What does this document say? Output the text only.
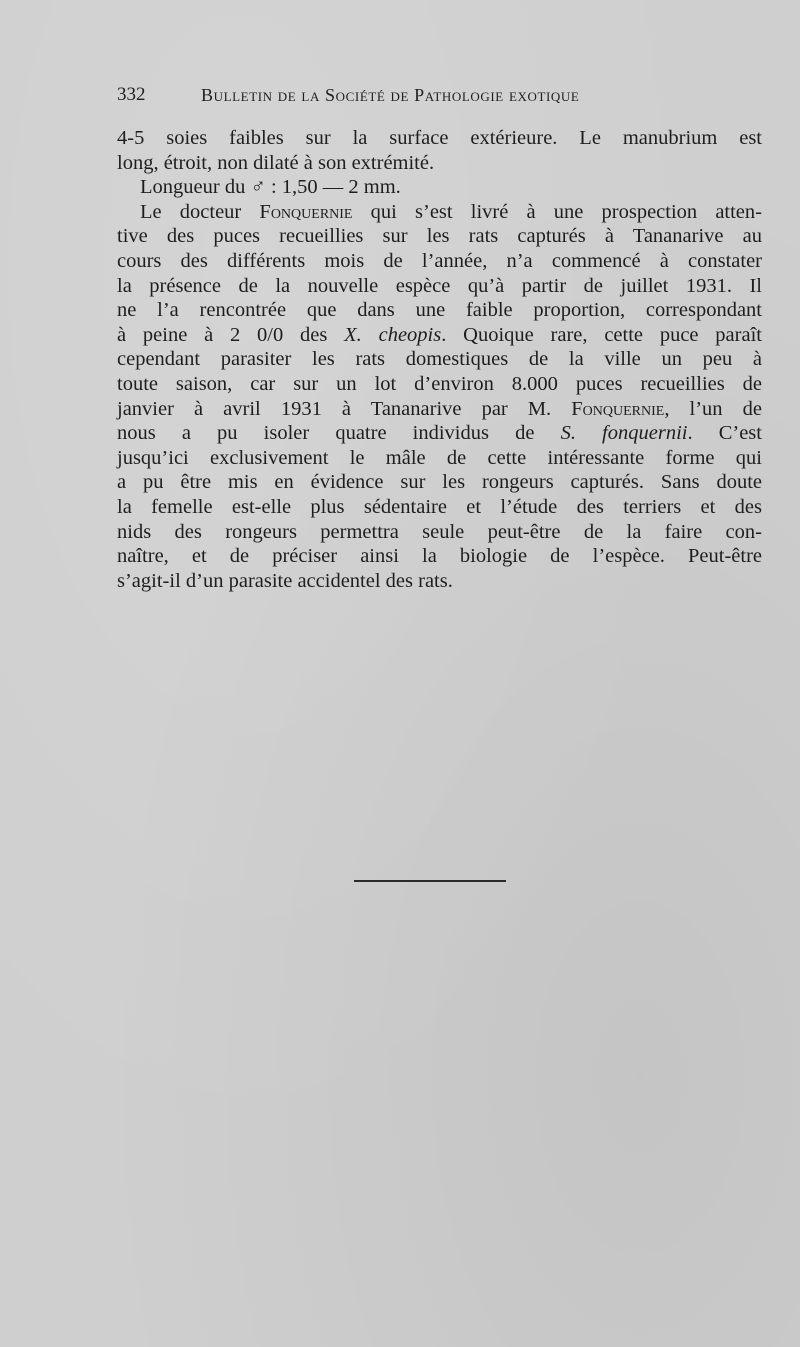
332	Bulletin de la Société de Pathologie exotique
4-5 soies faibles sur la surface extérieure. Le manubrium est
long, étroit, non dilaté à son extrémité.
Longueur du ♂ : 1,50 — 2 mm.
Le docteur Fonquernie qui s’est livré à une prospection atten-
tive des puces recueillies sur les rats capturés à Tananarive au
cours des différents mois de l’année, n’a commencé à constater
la présence de la nouvelle espèce qu’à partir de juillet 1931. Il
ne l’a rencontrée que dans une faible proportion, correspondant
à peine à 2 0/0 des X. cheopis. Quoique rare, cette puce paraît
cependant parasiter les rats domestiques de la ville un peu à
toute saison, car sur un lot d’environ 8.000 puces recueillies de
janvier à avril 1931 à Tananarive par M. Fonquernie, l’un de
nous a pu isoler quatre individus de S. fonquernii. C’est
jusqu’ici exclusivement le mâle de cette intéressante forme qui
a pu être mis en évidence sur les rongeurs capturés. Sans doute
la femelle est-elle plus sédentaire et l’étude des terriers et des
nids des rongeurs permettra seule peut-être de la faire con-
naître, et de préciser ainsi la biologie de l’espèce. Peut-être
s’agit-il d’un parasite accidentel des rats.
